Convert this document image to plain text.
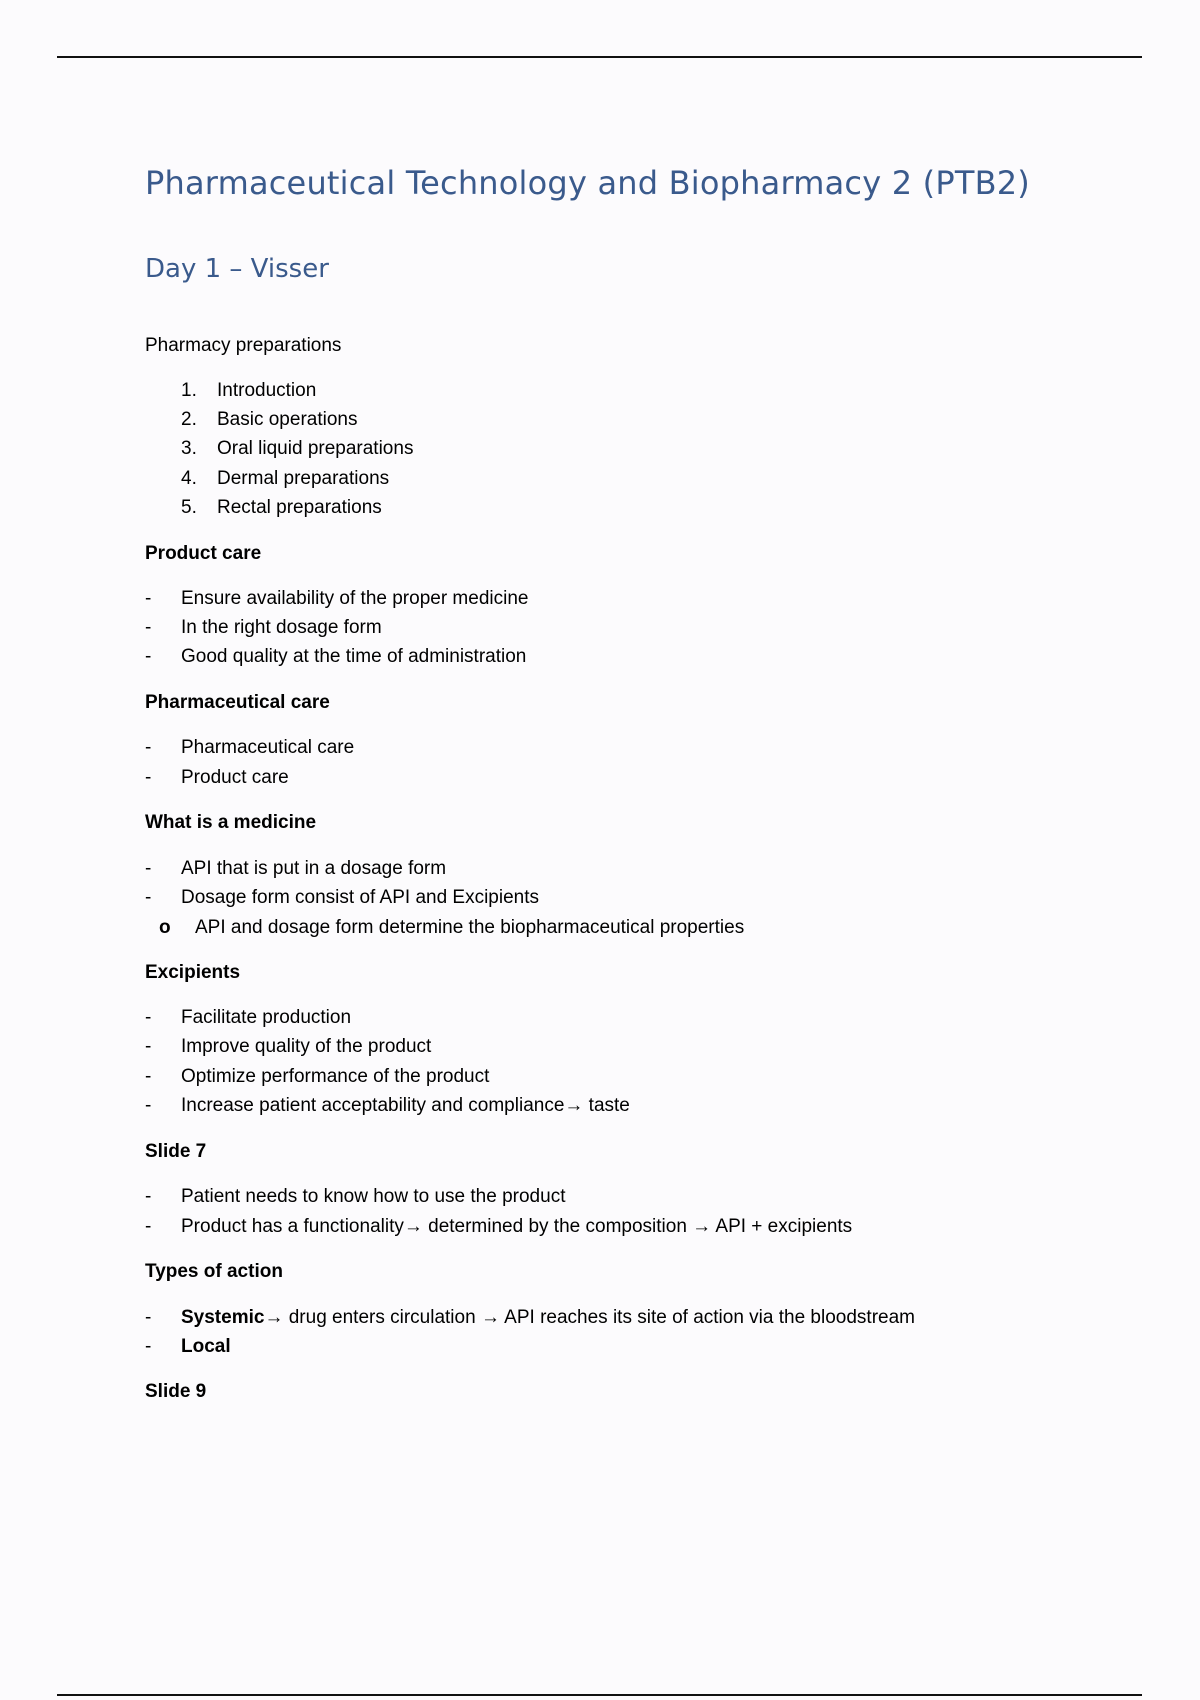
Pharmaceutical Technology and Biopharmacy 2 (PTB2)
Day 1 – Visser
Pharmacy preparations
1. Introduction
2. Basic operations
3. Oral liquid preparations
4. Dermal preparations
5. Rectal preparations
Product care
- Ensure availability of the proper medicine
- In the right dosage form
- Good quality at the time of administration
Pharmaceutical care
- Pharmaceutical care
- Product care
What is a medicine
- API that is put in a dosage form
- Dosage form consist of API and Excipients
o API and dosage form determine the biopharmaceutical properties
Excipients
- Facilitate production
- Improve quality of the product
- Optimize performance of the product
- Increase patient acceptability and compliance→ taste
Slide 7
- Patient needs to know how to use the product
- Product has a functionality→ determined by the composition → API + excipients
Types of action
- Systemic→ drug enters circulation → API reaches its site of action via the bloodstream
- Local
Slide 9
